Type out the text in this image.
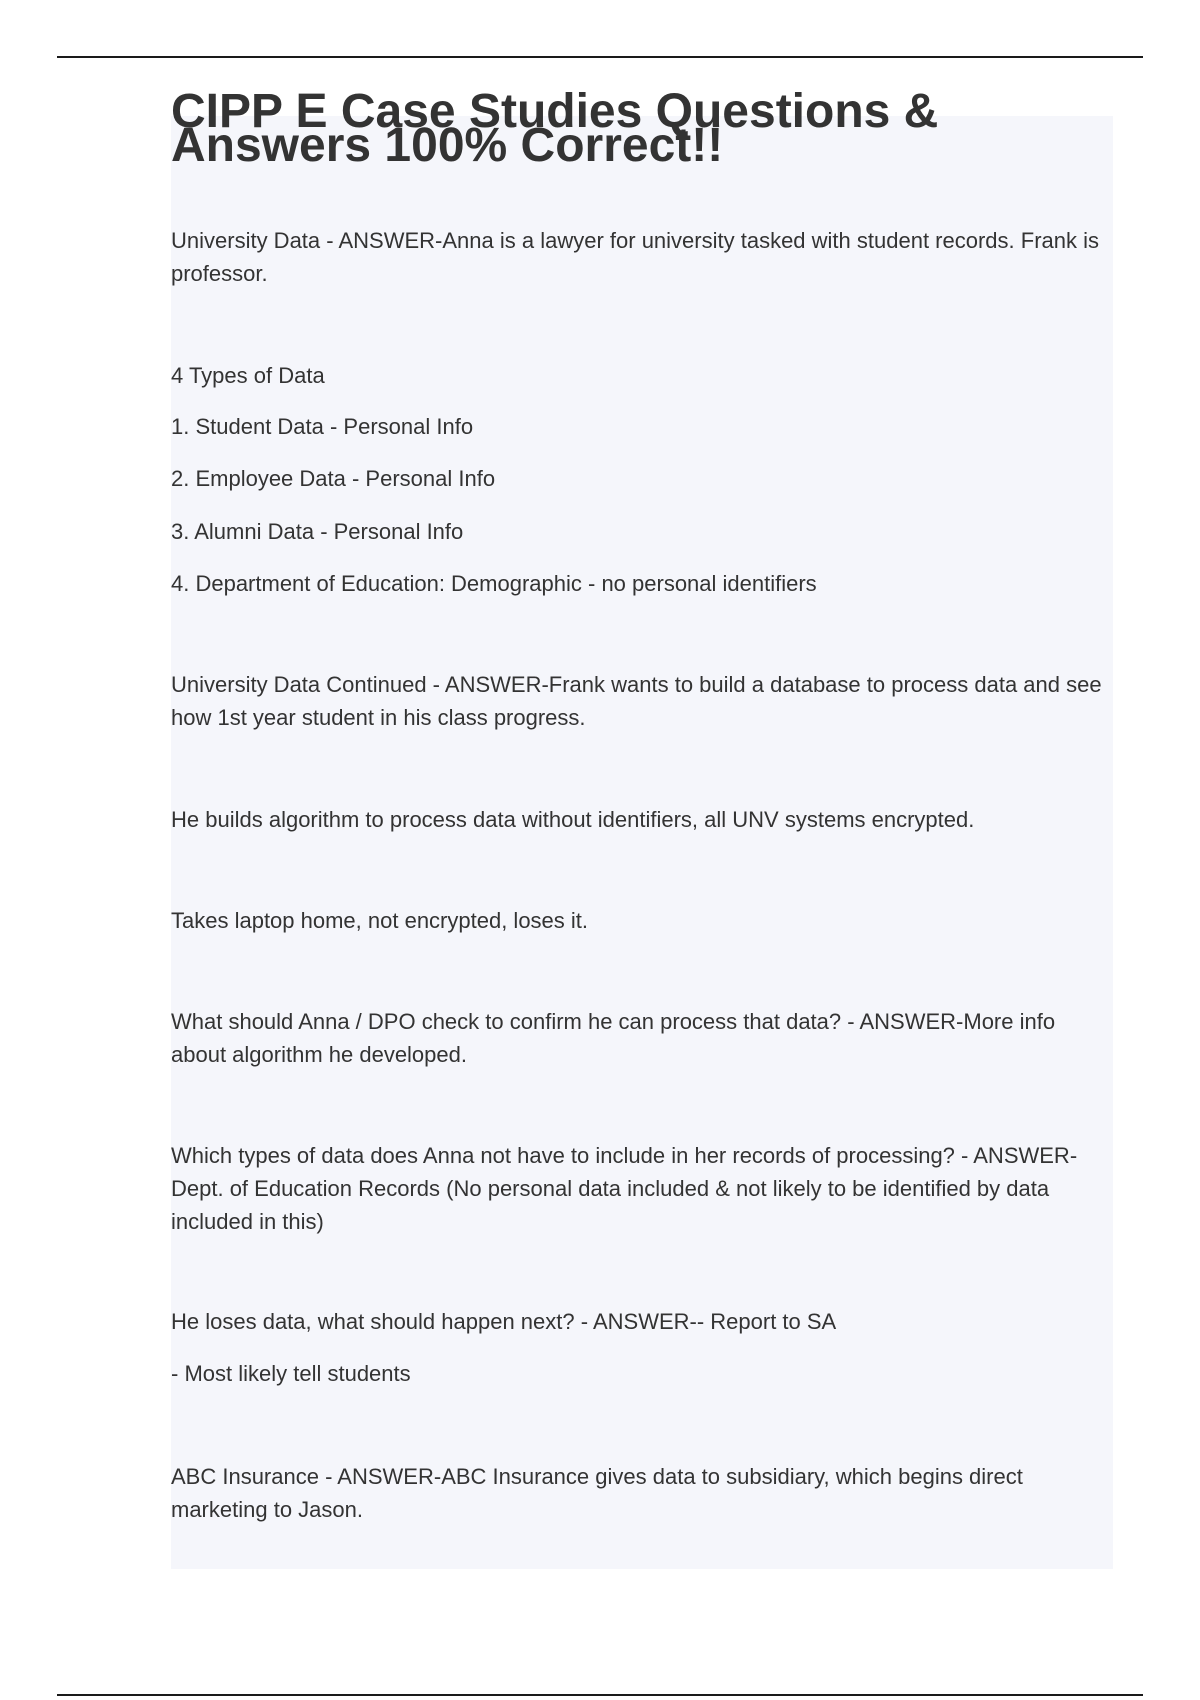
CIPP E Case Studies Questions & Answers 100% Correct!!

University Data - ANSWER-Anna is a lawyer for university tasked with student records. Frank is professor.

4 Types of Data

1. Student Data - Personal Info

2. Employee Data - Personal Info

3. Alumni Data - Personal Info

4. Department of Education: Demographic - no personal identifiers

University Data Continued - ANSWER-Frank wants to build a database to process data and see how 1st year student in his class progress.

He builds algorithm to process data without identifiers, all UNV systems encrypted.

Takes laptop home, not encrypted, loses it.

What should Anna / DPO check to confirm he can process that data? - ANSWER-More info about algorithm he developed.

Which types of data does Anna not have to include in her records of processing? - ANSWER-Dept. of Education Records (No personal data included & not likely to be identified by data included in this)

He loses data, what should happen next? - ANSWER-- Report to SA

- Most likely tell students

ABC Insurance - ANSWER-ABC Insurance gives data to subsidiary, which begins direct marketing to Jason.
